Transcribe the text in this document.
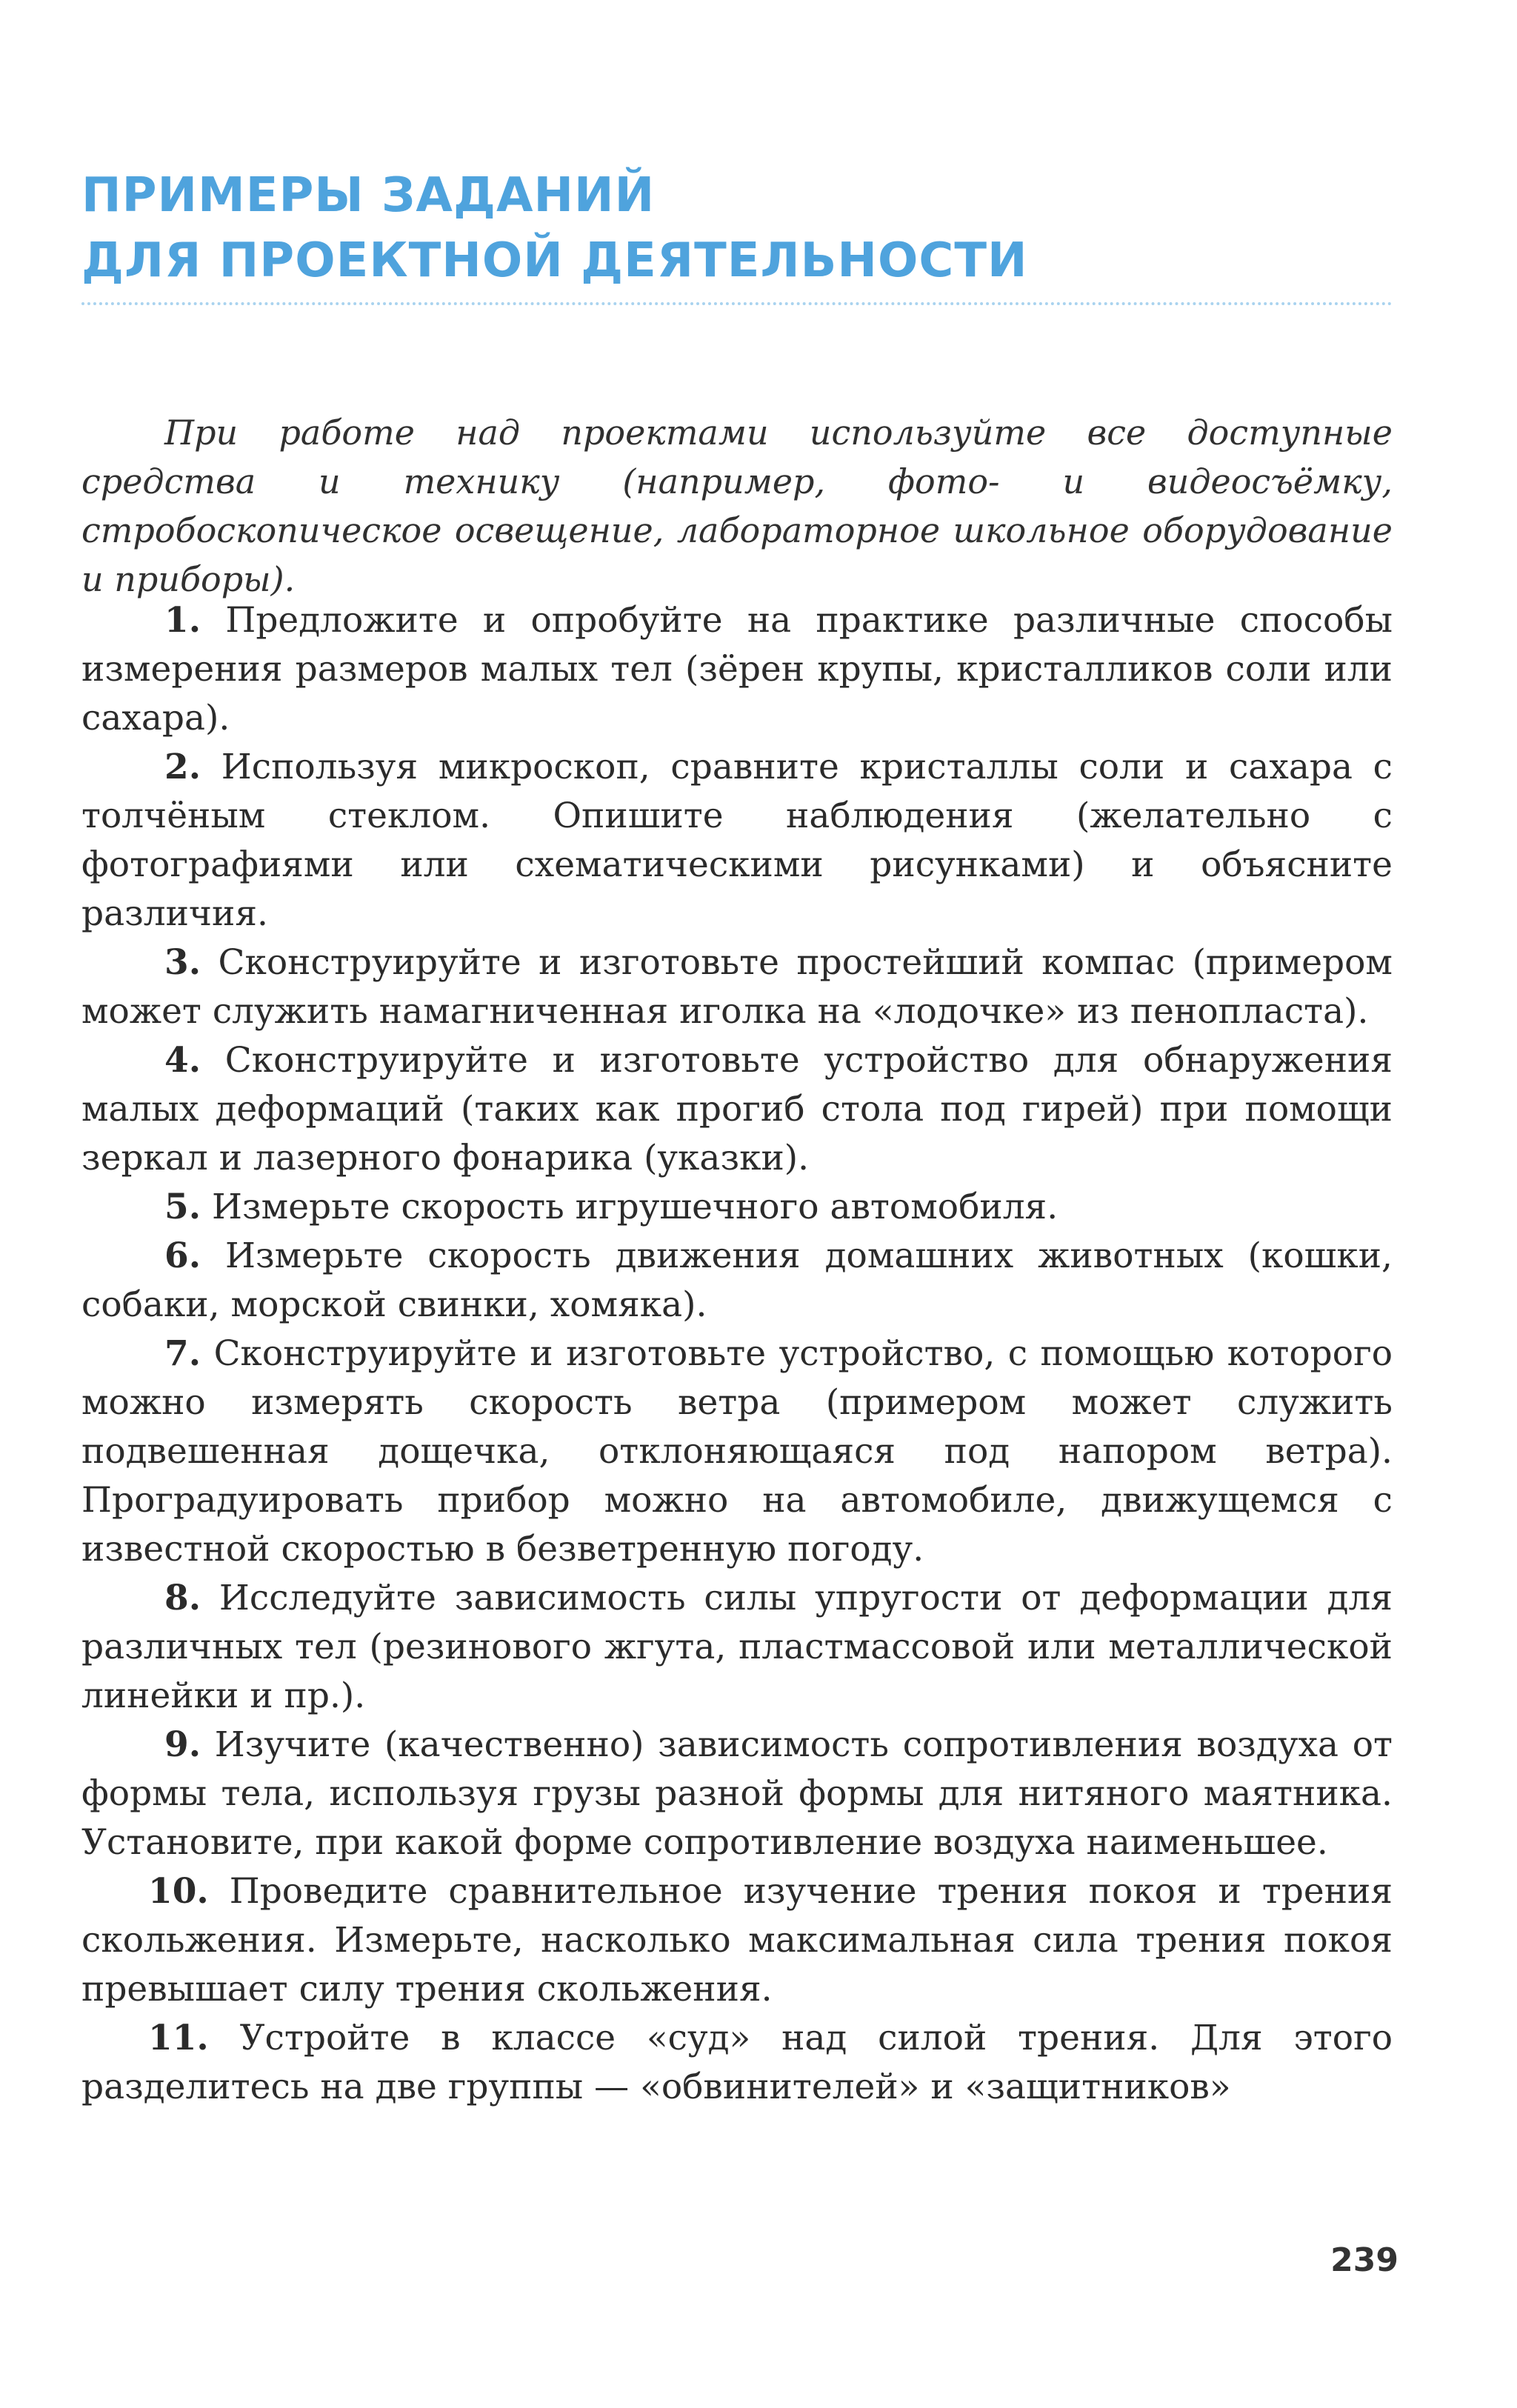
ПРИМЕРЫ ЗАДАНИЙ
ДЛЯ ПРОЕКТНОЙ ДЕЯТЕЛЬНОСТИ

При работе над проектами используйте все доступные средства и технику (например, фото- и видеосъёмку, стробоскопическое освещение, лабораторное школьное оборудование и приборы).

1. Предложите и опробуйте на практике различные способы измерения размеров малых тел (зёрен крупы, кристалликов соли или сахара).

2. Используя микроскоп, сравните кристаллы соли и сахара с толчёным стеклом. Опишите наблюдения (желательно с фотографиями или схематическими рисунками) и объясните различия.

3. Сконструируйте и изготовьте простейший компас (примером может служить намагниченная иголка на «лодочке» из пенопласта).

4. Сконструируйте и изготовьте устройство для обнаружения малых деформаций (таких как прогиб стола под гирей) при помощи зеркал и лазерного фонарика (указки).

5. Измерьте скорость игрушечного автомобиля.

6. Измерьте скорость движения домашних животных (кошки, собаки, морской свинки, хомяка).

7. Сконструируйте и изготовьте устройство, с помощью которого можно измерять скорость ветра (примером может служить подвешенная дощечка, отклоняющаяся под напором ветра). Проградуировать прибор можно на автомобиле, движущемся с известной скоростью в безветренную погоду.

8. Исследуйте зависимость силы упругости от деформации для различных тел (резинового жгута, пластмассовой или металлической линейки и пр.).

9. Изучите (качественно) зависимость сопротивления воздуха от формы тела, используя грузы разной формы для нитяного маятника. Установите, при какой форме сопротивление воздуха наименьшее.

10. Проведите сравнительное изучение трения покоя и трения скольжения. Измерьте, насколько максимальная сила трения покоя превышает силу трения скольжения.

11. Устройте в классе «суд» над силой трения. Для этого разделитесь на две группы — «обвинителей» и «защитников»

239
